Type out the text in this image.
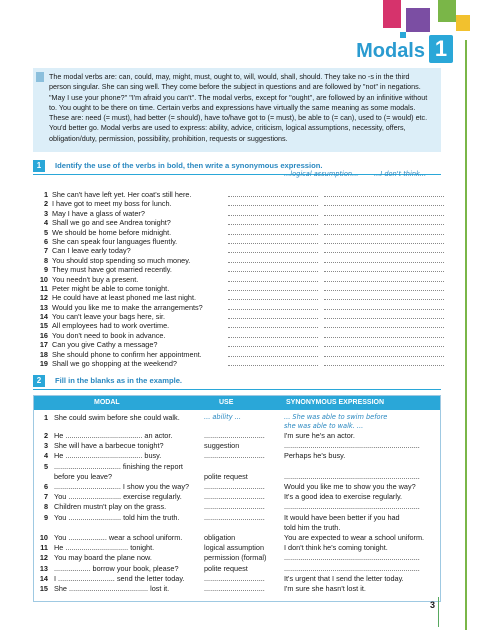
Modals 1
The modal verbs are: can, could, may, might, must, ought to, will, would, shall, should. They take no -s in the third person singular. She can sing well. They come before the subject in questions and are followed by "not" in negations. "May I use your phone?" "I'm afraid you can't". The modal verbs, except for "ought", are followed by an infinitive without to. You ought to be there on time. Certain verbs and expressions have virtually the same meaning as some modals. These are: need (= must), had better (= should), have to/have got to (= must), be able to (= can), used to (= would) etc. You'd better go. Modal verbs are used to express: ability, advice, criticism, logical assumptions, necessity, offers, obligation/duty, permission, possibility, prohibition, requests or suggestions.
1 Identify the use of the verbs in bold, then write a synonymous expression.
...logical assumption... ...I don't think...
1 She can't have left yet. Her coat's still here.
2 I have got to meet my boss for lunch.
3 May I have a glass of water?
4 Shall we go and see Andrea tonight?
5 We should be home before midnight.
6 She can speak four languages fluently.
7 Can I leave early today?
8 You should stop spending so much money.
9 They must have got married recently.
10 You needn't buy a present.
11 Peter might be able to come tonight.
12 He could have at least phoned me last night.
13 Would you like me to make the arrangements?
14 You can't leave your bags here, sir.
15 All employees had to work overtime.
16 You don't need to book in advance.
17 Can you give Cathy a message?
18 She should phone to confirm her appointment.
19 Shall we go shopping at the weekend?
2 Fill in the blanks as in the example.
MODAL	USE	SYNONYMOUS EXPRESSION
1 She could swim before she could walk.	... ability ...	... She was able to swim before
she was able to walk. ...
2 He ...................................... an actor.	..............................	I'm sure he's an actor.
3 She will have a barbecue tonight?	suggestion	...................................................................
4 He ...................................... busy.	..............................	Perhaps he's busy.
5 ................................. finishing the report
before you leave?	polite request	...................................................................
6 ................................. I show you the way? ..............................	Would you like me to show you the way?
7 You .......................... exercise regularly.	..............................	It's a good idea to exercise regularly.
8 Children mustn't play on the grass.	..............................	...................................................................
9 You .......................... told him the truth.	..............................	It would have been better if you had
told him the truth.
10 You ................... wear a school uniform.	obligation	You are expected to wear a school uniform.
11 He ............................... tonight.	logical assumption	I don't think he's coming tonight.
12 You may board the plane now.	permission (formal) ...................................................................
13 .................. borrow your book, please?	polite request	...................................................................
14 I ............................ send the letter today.	..............................	It's urgent that I send the letter today.
15 She ....................................... lost it.	..............................	I'm sure she hasn't lost it.
3
